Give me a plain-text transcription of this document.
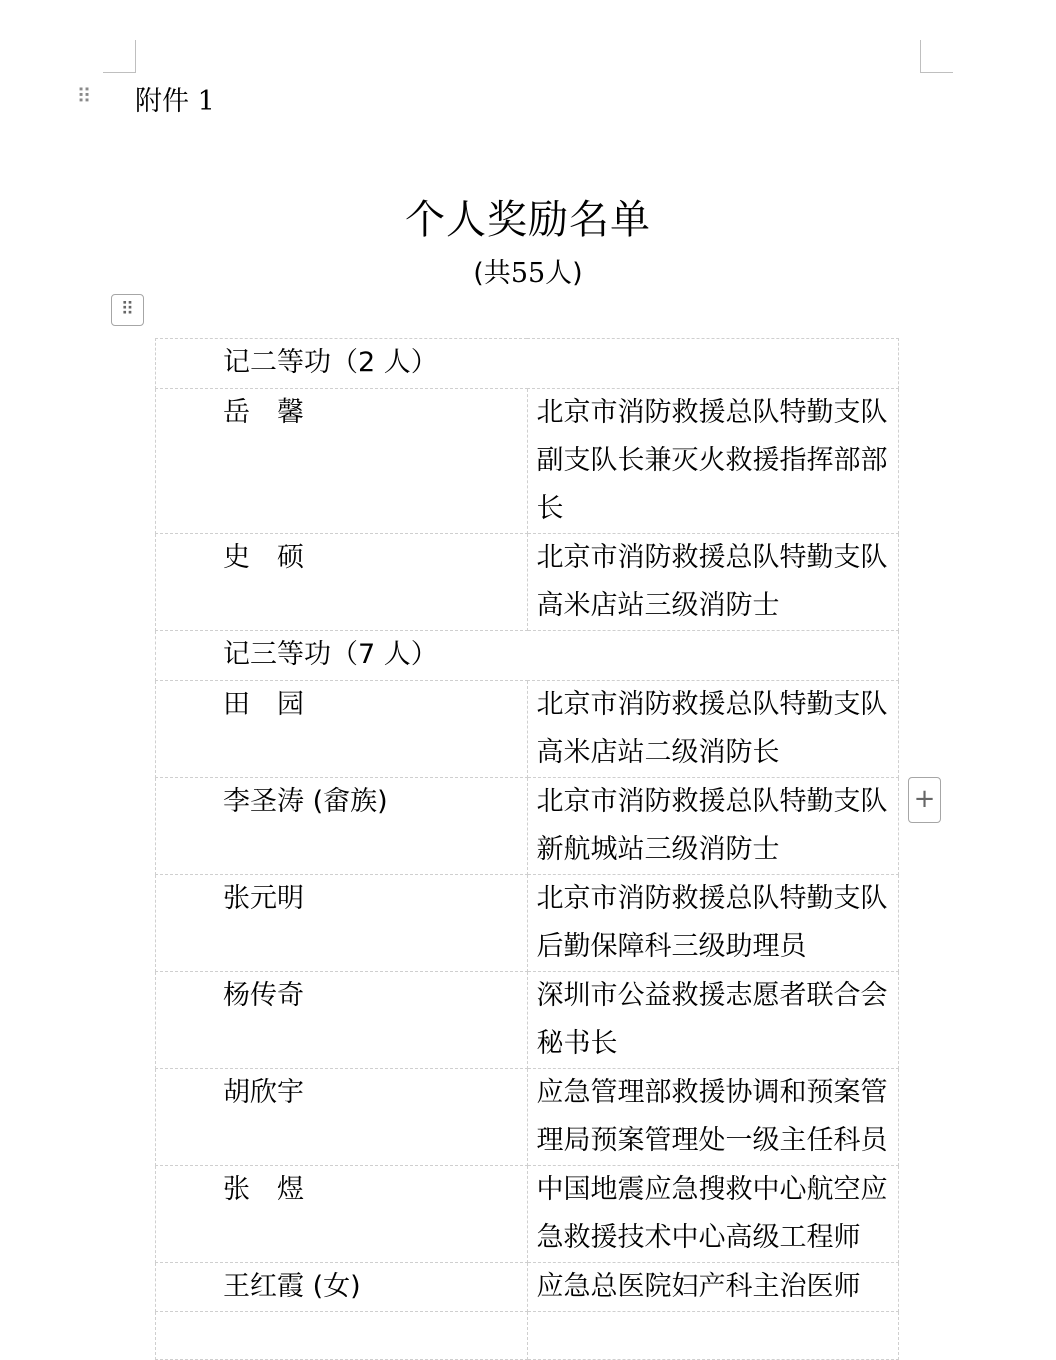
⠿ 附件 1
个人奖励名单
(共55人)
⠿
记二等功（2 人）	
岳　馨	北京市消防救援总队特勤支队副支队长兼灭火救援指挥部部长
史　硕	北京市消防救援总队特勤支队高米店站三级消防士
记三等功（7 人）	
田　园	北京市消防救援总队特勤支队高米店站二级消防长
李圣涛 (畲族)	北京市消防救援总队特勤支队新航城站三级消防士
张元明	北京市消防救援总队特勤支队后勤保障科三级助理员
杨传奇	深圳市公益救援志愿者联合会秘书长
胡欣宇	应急管理部救援协调和预案管理局预案管理处一级主任科员
张　煜	中国地震应急搜救中心航空应急救援技术中心高级工程师
王红霞 (女)	应急总医院妇产科主治医师

+
